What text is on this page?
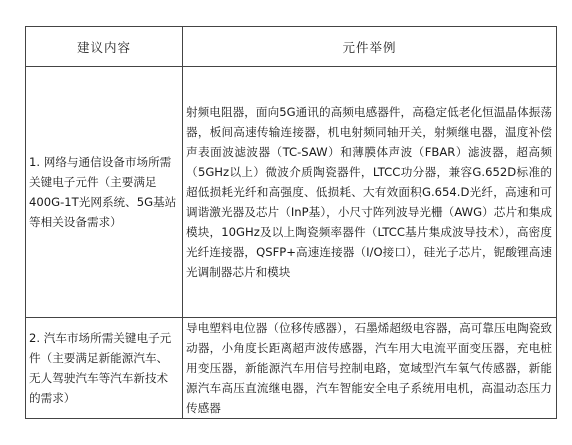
建议内容	元件举例
1. 网络与通信设备市场所需关键电子元件（主要满足400G-1T光网系统、5G基站等相关设备需求）	射频电阻器，面向5G通讯的高频电感器件，高稳定低老化恒温晶体振荡器，板间高速传输连接器，机电射频同轴开关，射频继电器，温度补偿声表面波滤波器（TC-SAW）和薄膜体声波（FBAR）滤波器，超高频（5GHz以上）微波介质陶瓷器件，LTCC功分器，兼容G.652D标准的超低损耗光纤和高强度、低损耗、大有效面积G.654.D光纤，高速和可调谐激光器及芯片（InP基），小尺寸阵列波导光栅（AWG）芯片和集成模块，10GHz及以上陶瓷频率器件（LTCC基片集成波导技术），高密度光纤连接器，QSFP+高速连接器（I/O接口），硅光子芯片，铌酸锂高速光调制器芯片和模块
2. 汽车市场所需关键电子元件（主要满足新能源汽车、无人驾驶汽车等汽车新技术的需求）	导电塑料电位器（位移传感器），石墨烯超级电容器，高可靠压电陶瓷致动器，小角度长距离超声波传感器，汽车用大电流平面变压器，充电桩用变压器，新能源汽车用信号控制电路，宽域型汽车氧气传感器，新能源汽车高压直流继电器，汽车智能安全电子系统用电机，高温动态压力传感器
